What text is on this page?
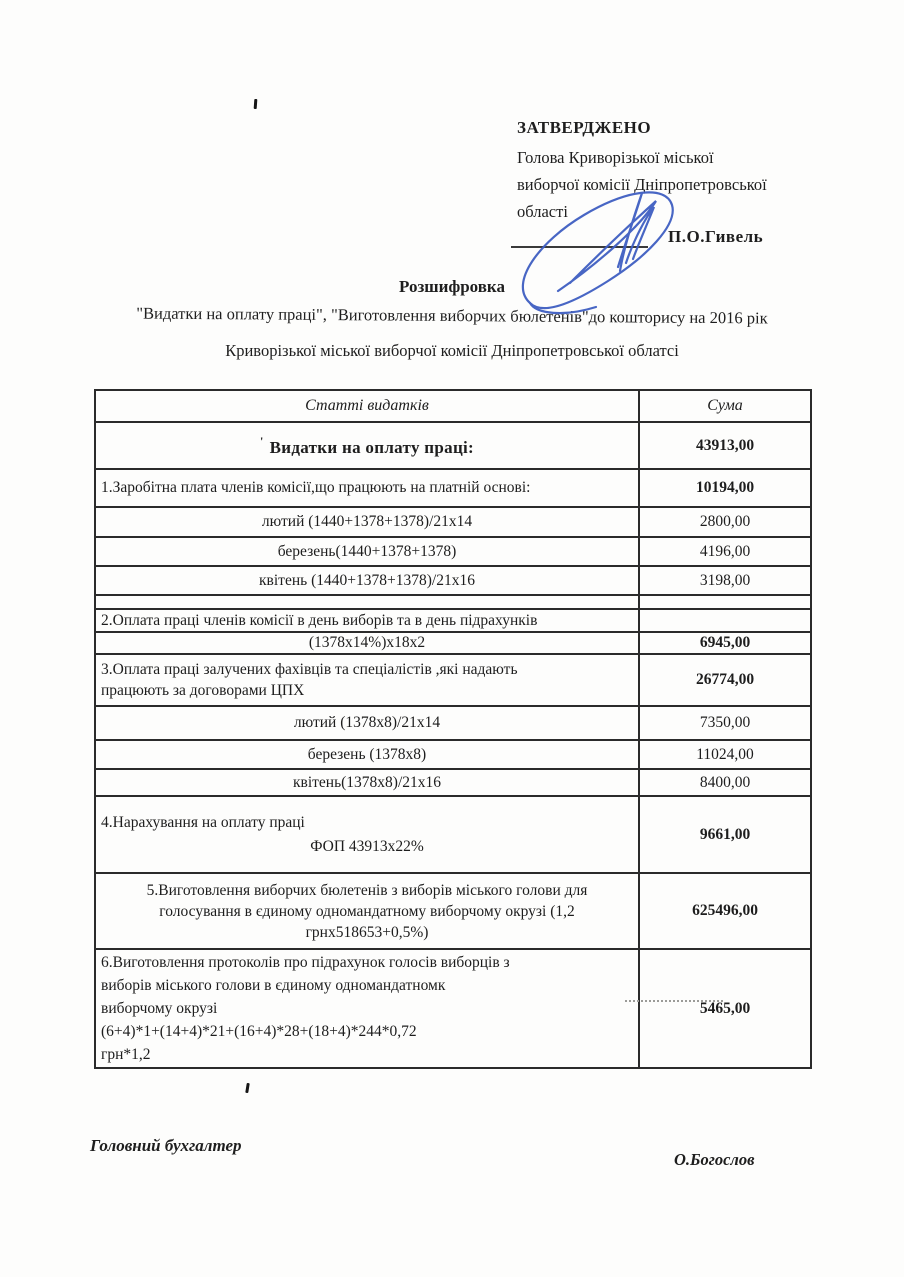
ЗАТВЕРДЖЕНО
Голова Криворізької міської
виборчої комісії Дніпропетровської
області
П.О.Гивель
Розшифровка
"Видатки на оплату праці", "Виготовлення виборчих бюлетенів"до кошторису на 2016 рік
Криворізької міської виборчої комісії Дніпропетровської облатсі
Статті видатків	Сума
' Видатки на оплату праці:	43913,00
1.Заробітна плата членів комісії,що працюють на платній основі:	10194,00
лютий (1440+1378+1378)/21x14	2800,00
березень(1440+1378+1378)	4196,00
квітень (1440+1378+1378)/21x16	3198,00

2.Оплата праці членів комісії в день виборів та в день підрахунків	
(1378x14%)x18x2	6945,00

3.Оплата праці залучених фахівців та спеціалістів ,які надають
працюють за договорами ЦПХ	26774,00
лютий (1378x8)/21x14	7350,00
березень (1378x8)	11024,00
квітень(1378x8)/21x16	8400,00

4.Нарахування на оплату праці
ФОП 43913x22%	9661,00

5.Виготовлення виборчих бюлетенів з виборів міського голови для
голосування в єдиному одномандатному виборчому окрузі (1,2
грнх518653+0,5%)	625496,00

6.Виготовлення протоколів про підрахунок голосів виборців з
виборів міського голови в єдиному одномандатномк
виборчому окрузі
(6+4)*1+(14+4)*21+(16+4)*28+(18+4)*244*0,72
грн*1,2	5465,00
Головний бухгалтер
О.Богослов
